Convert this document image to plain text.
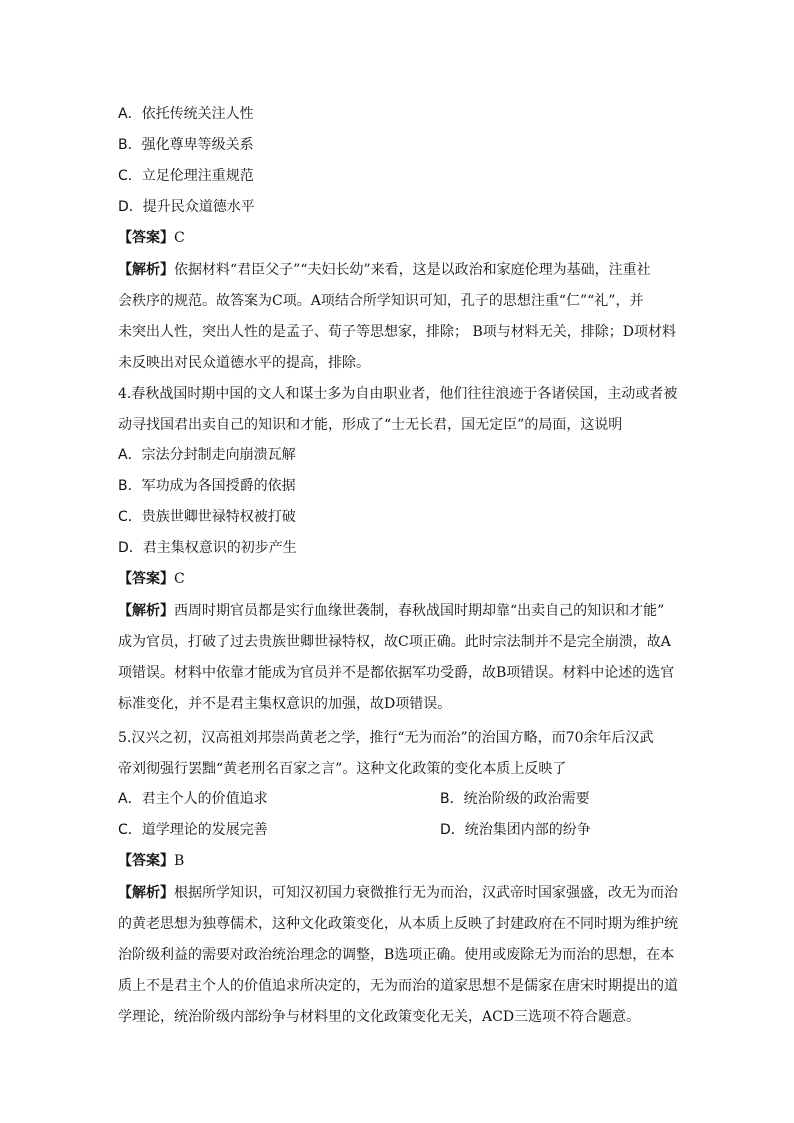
A．依托传统关注人性
B．强化尊卑等级关系
C．立足伦理注重规范
D．提升民众道德水平
【答案】C
【解析】依据材料“君臣父子”“夫妇长幼”来看，这是以政治和家庭伦理为基础，注重社
会秩序的规范。故答案为C项。A项结合所学知识可知，孔子的思想注重“仁”“礼”，并
未突出人性，突出人性的是孟子、荀子等思想家，排除； B项与材料无关，排除；D项材料
未反映出对民众道德水平的提高，排除。
4.春秋战国时期中国的文人和谋士多为自由职业者，他们往往浪迹于各诸侯国，主动或者被
动寻找国君出卖自己的知识和才能，形成了“士无长君，国无定臣”的局面，这说明
A．宗法分封制走向崩溃瓦解
B．军功成为各国授爵的依据
C．贵族世卿世禄特权被打破
D．君主集权意识的初步产生
【答案】C
【解析】西周时期官员都是实行血缘世袭制，春秋战国时期却靠“出卖自己的知识和才能”
成为官员，打破了过去贵族世卿世禄特权，故C项正确。此时宗法制并不是完全崩溃，故A
项错误。材料中依靠才能成为官员并不是都依据军功受爵，故B项错误。材料中论述的选官
标准变化，并不是君主集权意识的加强，故D项错误。
5.汉兴之初，汉高祖刘邦崇尚黄老之学，推行“无为而治”的治国方略，而70余年后汉武
帝刘彻强行罢黜“黄老刑名百家之言”。这种文化政策的变化本质上反映了
A．君主个人的价值追求	B．统治阶级的政治需要
C．道学理论的发展完善	D．统治集团内部的纷争
【答案】B
【解析】根据所学知识，可知汉初国力衰微推行无为而治，汉武帝时国家强盛，改无为而治
的黄老思想为独尊儒术，这种文化政策变化，从本质上反映了封建政府在不同时期为维护统
治阶级利益的需要对政治统治理念的调整，B选项正确。使用或废除无为而治的思想，在本
质上不是君主个人的价值追求所决定的，无为而治的道家思想不是儒家在唐宋时期提出的道
学理论，统治阶级内部纷争与材料里的文化政策变化无关，ACD三选项不符合题意。
